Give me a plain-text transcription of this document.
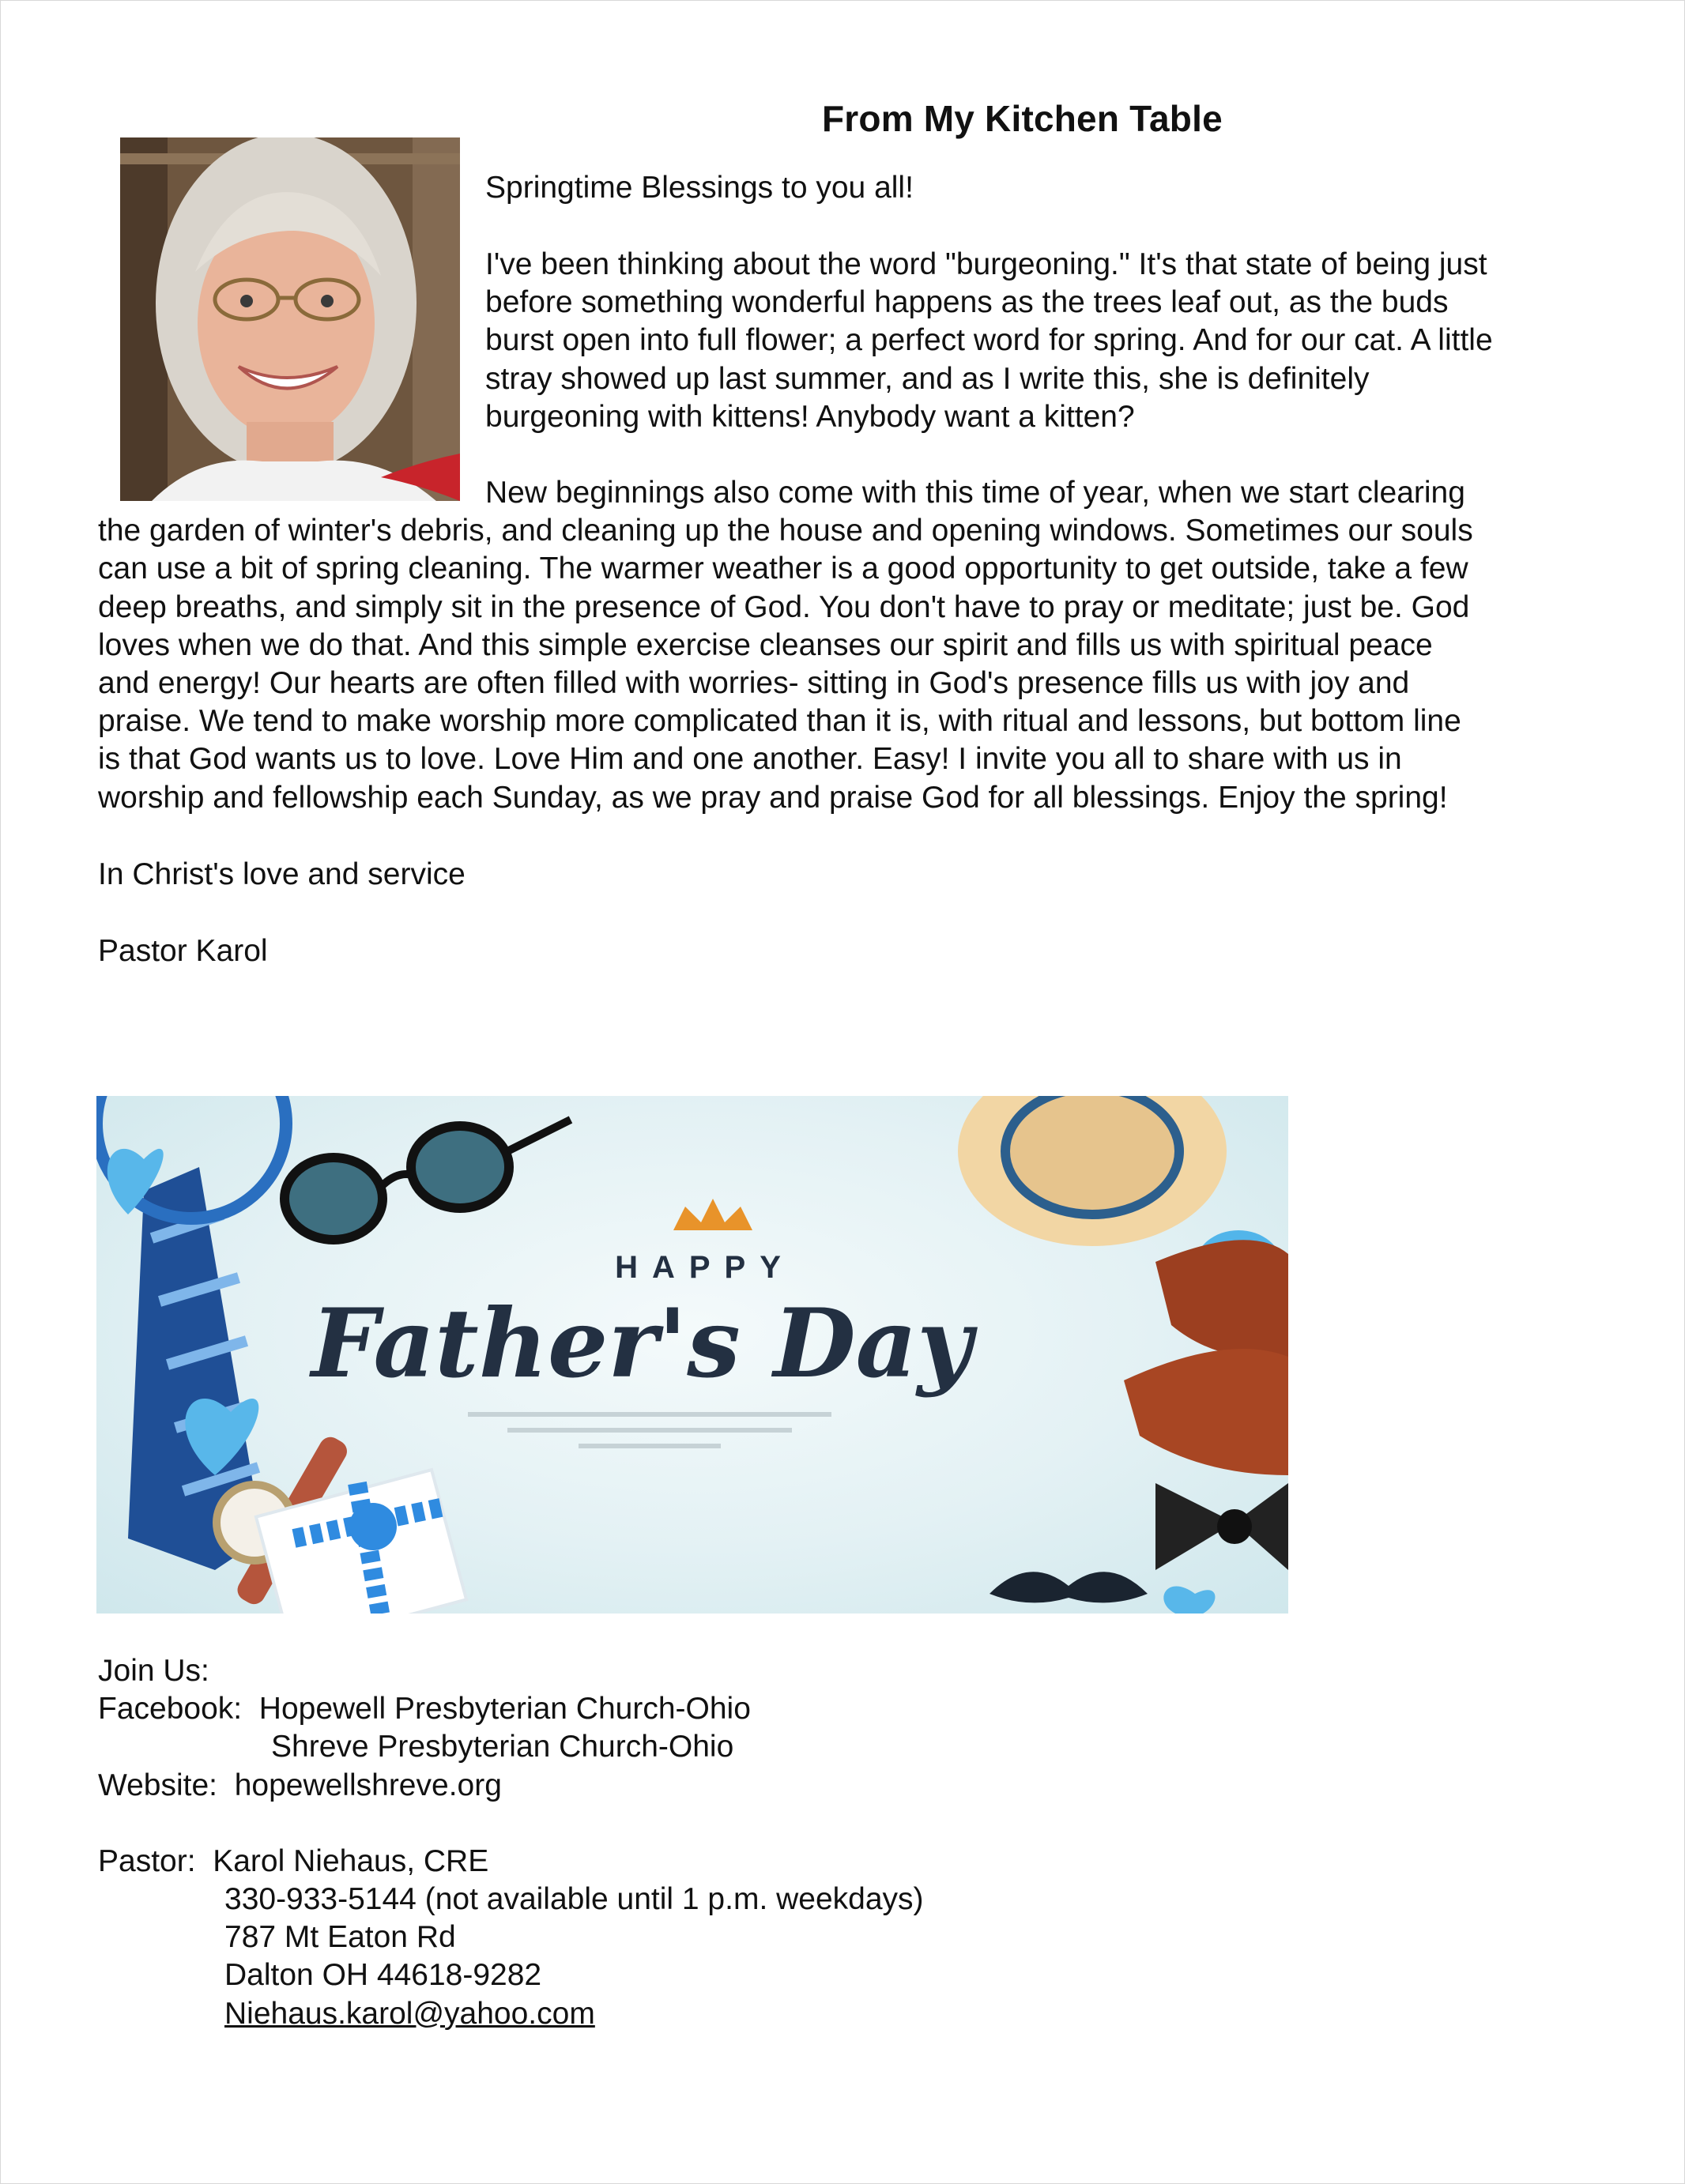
From My Kitchen Table
Springtime Blessings to you all!
I've been thinking about the word "burgeoning." It's that state of being just
before something wonderful happens as the trees leaf out, as the buds
burst open into full flower; a perfect word for spring. And for our cat. A little
stray showed up last summer, and as I write this, she is definitely
burgeoning with kittens! Anybody want a kitten?
New beginnings also come with this time of year, when we start clearing
the garden of winter's debris, and cleaning up the house and opening windows. Sometimes our souls
can use a bit of spring cleaning. The warmer weather is a good opportunity to get outside, take a few
deep breaths, and simply sit in the presence of God. You don't have to pray or meditate; just be. God
loves when we do that. And this simple exercise cleanses our spirit and fills us with spiritual peace
and energy! Our hearts are often filled with worries- sitting in God's presence fills us with joy and
praise. We tend to make worship more complicated than it is, with ritual and lessons, but bottom line
is that God wants us to love. Love Him and one another. Easy! I invite you all to share with us in
worship and fellowship each Sunday, as we pray and praise God for all blessings. Enjoy the spring!
In Christ's love and service
Pastor Karol
HAPPY
Father's Day
Join Us:
Facebook: Hopewell Presbyterian Church-Ohio
Shreve Presbyterian Church-Ohio
Website: hopewellshreve.org
Pastor: Karol Niehaus, CRE
330-933-5144 (not available until 1 p.m. weekdays)
787 Mt Eaton Rd
Dalton OH 44618-9282
Niehaus.karol@yahoo.com
